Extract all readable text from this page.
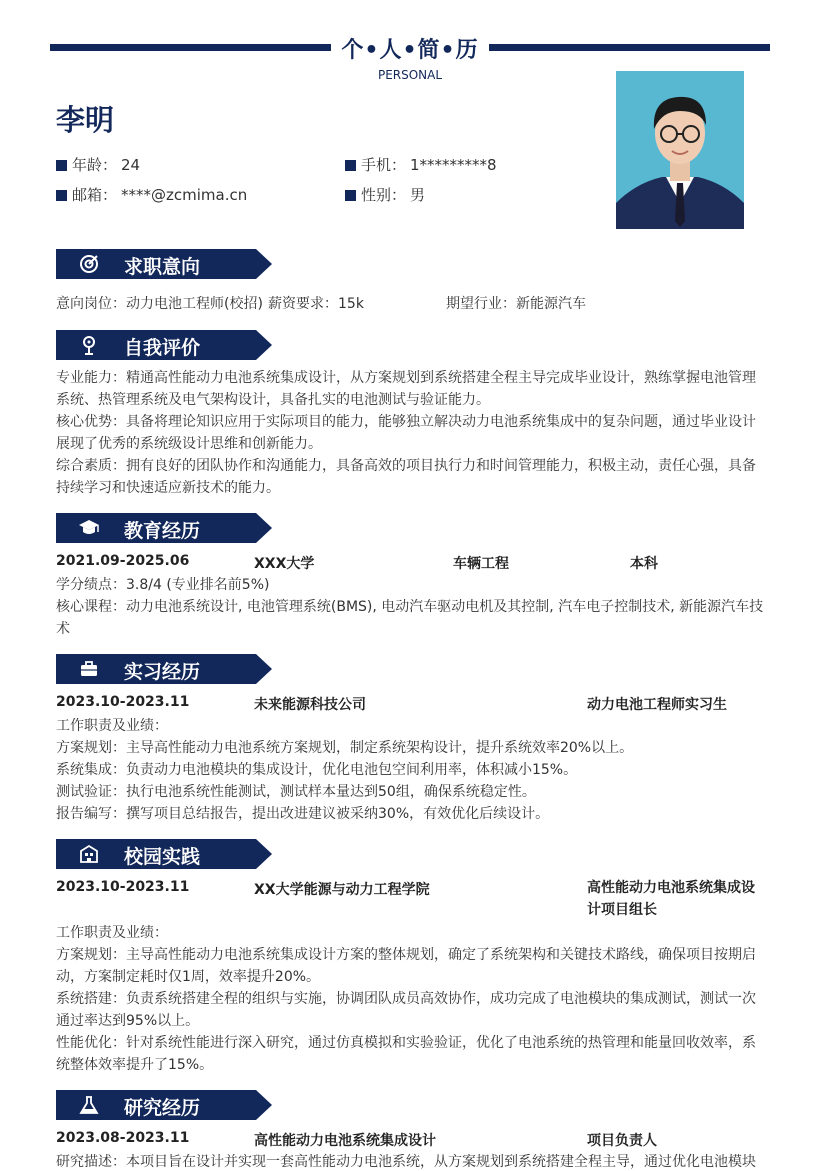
个•人•简•历
PERSONAL
李明
年龄： 24	手机： 1*********8
邮箱： ****@zcmima.cn	性别： 男
求职意向
意向岗位：动力电池工程师(校招) 薪资要求：15k	期望行业：新能源汽车
自我评价

专业能力：精通高性能动力电池系统集成设计，从方案规划到系统搭建全程主导完成毕业设计，熟练掌握电池管理系统、热管理系统及电气架构设计，具备扎实的电池测试与验证能力。

核心优势：具备将理论知识应用于实际项目的能力，能够独立解决动力电池系统集成中的复杂问题，通过毕业设计展现了优秀的系统级设计思维和创新能力。

综合素质：拥有良好的团队协作和沟通能力，具备高效的项目执行力和时间管理能力，积极主动，责任心强，具备持续学习和快速适应新技术的能力。

教育经历
2021.09-2025.06	XXX大学	车辆工程	本科

学分绩点：3.8/4 (专业排名前5%)

核心课程：动力电池系统设计, 电池管理系统(BMS), 电动汽车驱动电机及其控制, 汽车电子控制技术, 新能源汽车技术

实习经历
2023.10-2023.11	未来能源科技公司	动力电池工程师实习生

工作职责及业绩：

方案规划：主导高性能动力电池系统方案规划，制定系统架构设计，提升系统效率20%以上。

系统集成：负责动力电池模块的集成设计，优化电池包空间利用率，体积减小15%。

测试验证：执行电池系统性能测试，测试样本量达到50组，确保系统稳定性。

报告编写：撰写项目总结报告，提出改进建议被采纳30%，有效优化后续设计。

校园实践
2023.10-2023.11	XX大学能源与动力工程学院	高性能动力电池系统集成设计项目组长

工作职责及业绩：

方案规划：主导高性能动力电池系统集成设计方案的整体规划，确定了系统架构和关键技术路线，确保项目按期启动，方案制定耗时仅1周，效率提升20%。

系统搭建：负责系统搭建全程的组织与实施，协调团队成员高效协作，成功完成了电池模块的集成测试，测试一次通过率达到95%以上。

性能优化：针对系统性能进行深入研究，通过仿真模拟和实验验证，优化了电池系统的热管理和能量回收效率，系统整体效率提升了15%。

研究经历
2023.08-2023.11	高性能动力电池系统集成设计	项目负责人
研究描述：本项目旨在设计并实现一套高性能动力电池系统，从方案规划到系统搭建全程主导，通过优化电池模块
